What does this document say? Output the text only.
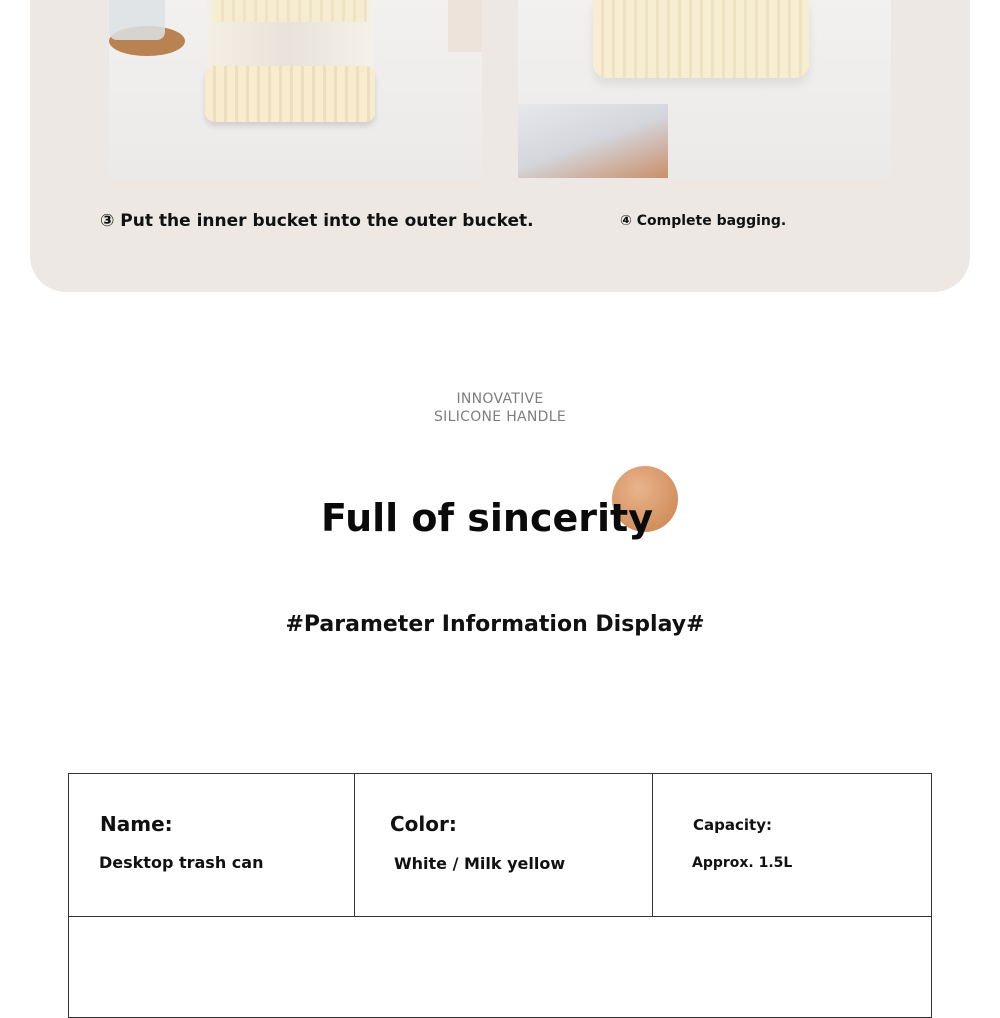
③ Put the inner bucket into the outer bucket.	④ Complete bagging.
INNOVATIVE
SILICONE HANDLE
Full of sincerity
#Parameter Information Display#
Name:
Desktop trash can
Color:
White / Milk yellow
Capacity:
Approx. 1.5L
